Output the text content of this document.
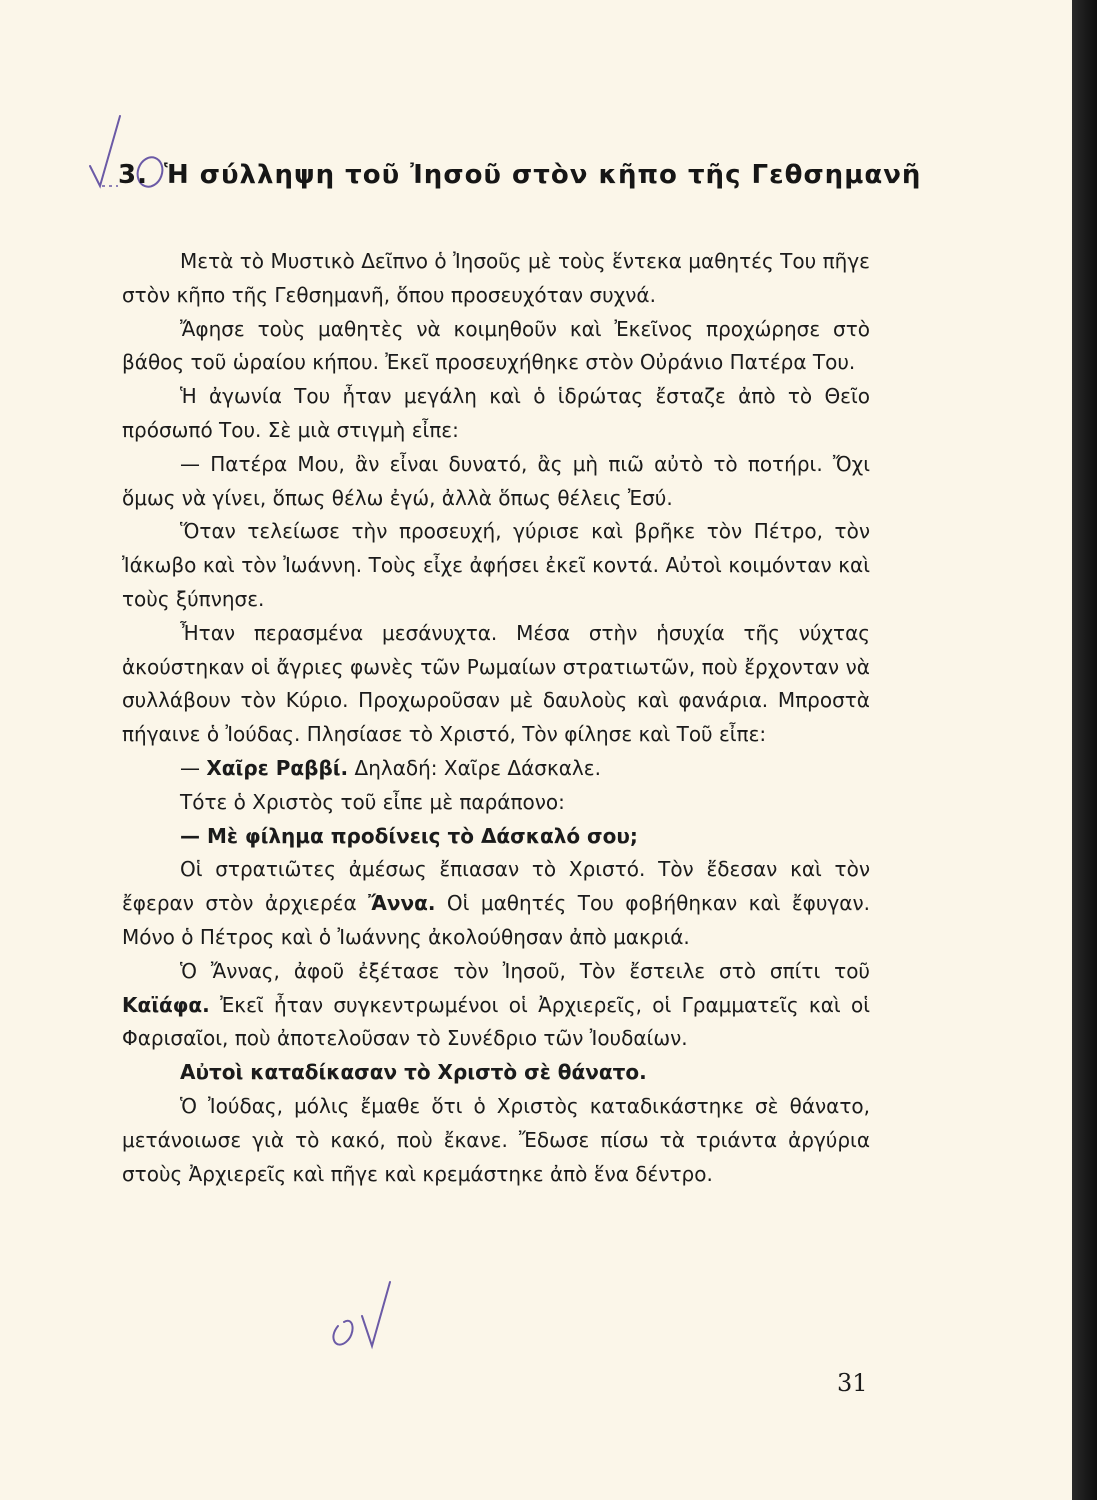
3. Ἡ σύλληψη τοῦ Ἰησοῦ στὸν κῆπο τῆς Γεθσημανῆ

Μετὰ τὸ Μυστικὸ Δεῖπνο ὁ Ἰησοῦς μὲ τοὺς ἕντεκα μαθητές Του πῆγε στὸν κῆπο τῆς Γεθσημανῆ, ὅπου προσευχόταν συχνά.

Ἄφησε τοὺς μαθητὲς νὰ κοιμηθοῦν καὶ Ἐκεῖνος προχώρησε στὸ βάθος τοῦ ὡραίου κήπου. Ἐκεῖ προσευχήθηκε στὸν Οὐράνιο Πατέρα Του.

Ἡ ἀγωνία Του ἦταν μεγάλη καὶ ὁ ἱδρώτας ἔσταζε ἀπὸ τὸ Θεῖο πρόσωπό Του. Σὲ μιὰ στιγμὴ εἶπε:

— Πατέρα Μου, ἂν εἶναι δυνατό, ἂς μὴ πιῶ αὐτὸ τὸ ποτήρι. Ὄχι ὅμως νὰ γίνει, ὅπως θέλω ἐγώ, ἀλλὰ ὅπως θέλεις Ἐσύ.

Ὅταν τελείωσε τὴν προσευχή, γύρισε καὶ βρῆκε τὸν Πέτρο, τὸν Ἰάκωβο καὶ τὸν Ἰωάννη. Τοὺς εἶχε ἀφήσει ἐκεῖ κοντά. Αὐτοὶ κοιμόνταν καὶ τοὺς ξύπνησε.

Ἦταν περασμένα μεσάνυχτα. Μέσα στὴν ἡσυχία τῆς νύχτας ἀκούστηκαν οἱ ἄγριες φωνὲς τῶν Ρωμαίων στρατιωτῶν, ποὺ ἔρχονταν νὰ συλλάβουν τὸν Κύριο. Προχωροῦσαν μὲ δαυλοὺς καὶ φανάρια. Μπροστὰ πήγαινε ὁ Ἰούδας. Πλησίασε τὸ Χριστό, Τὸν φίλησε καὶ Τοῦ εἶπε:

— Χαῖρε Ραββί. Δηλαδή: Χαῖρε Δάσκαλε.

Τότε ὁ Χριστὸς τοῦ εἶπε μὲ παράπονο:

— Μὲ φίλημα προδίνεις τὸ Δάσκαλό σου;

Οἱ στρατιῶτες ἀμέσως ἔπιασαν τὸ Χριστό. Τὸν ἔδεσαν καὶ τὸν ἔφεραν στὸν ἀρχιερέα Ἄννα. Οἱ μαθητές Του φοβήθηκαν καὶ ἔφυγαν. Μόνο ὁ Πέτρος καὶ ὁ Ἰωάννης ἀκολούθησαν ἀπὸ μακριά.

Ὁ Ἄννας, ἀφοῦ ἐξέτασε τὸν Ἰησοῦ, Τὸν ἔστειλε στὸ σπίτι τοῦ Καϊάφα. Ἐκεῖ ἦταν συγκεντρωμένοι οἱ Ἀρχιερεῖς, οἱ Γραμματεῖς καὶ οἱ Φαρισαῖοι, ποὺ ἀποτελοῦσαν τὸ Συνέδριο τῶν Ἰουδαίων.

Αὐτοὶ καταδίκασαν τὸ Χριστὸ σὲ θάνατο.

Ὁ Ἰούδας, μόλις ἔμαθε ὅτι ὁ Χριστὸς καταδικάστηκε σὲ θάνατο, μετάνοιωσε γιὰ τὸ κακό, ποὺ ἔκανε. Ἔδωσε πίσω τὰ τριάντα ἀργύρια στοὺς Ἀρχιερεῖς καὶ πῆγε καὶ κρεμάστηκε ἀπὸ ἕνα δέντρο.

31
